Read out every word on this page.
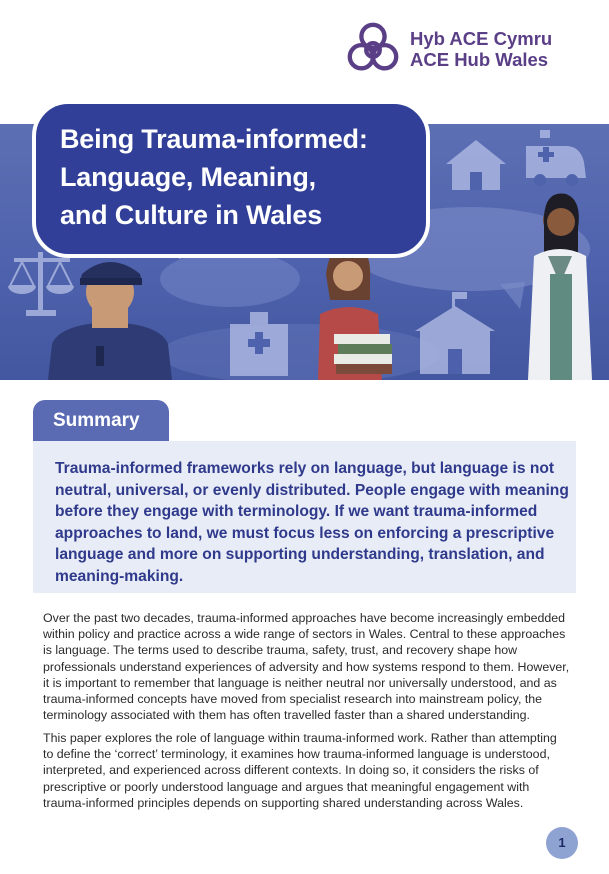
Hyb ACE Cymru
ACE Hub Wales
Being Trauma-informed:
Language, Meaning,
and Culture in Wales
Summary

Trauma-informed frameworks rely on language, but language is not neutral, universal, or evenly distributed. People engage with meaning before they engage with terminology. If we want trauma-informed approaches to land, we must focus less on enforcing a prescriptive language and more on supporting understanding, translation, and meaning-making.

Over the past two decades, trauma-informed approaches have become increasingly embedded within policy and practice across a wide range of sectors in Wales. Central to these approaches is language. The terms used to describe trauma, safety, trust, and recovery shape how professionals understand experiences of adversity and how systems respond to them. However, it is important to remember that language is neither neutral nor universally understood, and as trauma-informed concepts have moved from specialist research into mainstream policy, the terminology associated with them has often travelled faster than a shared understanding.

This paper explores the role of language within trauma-informed work. Rather than attempting to define the ‘correct’ terminology, it examines how trauma-informed language is understood, interpreted, and experienced across different contexts. In doing so, it considers the risks of prescriptive or poorly understood language and argues that meaningful engagement with trauma-informed principles depends on supporting shared understanding across Wales.

1
